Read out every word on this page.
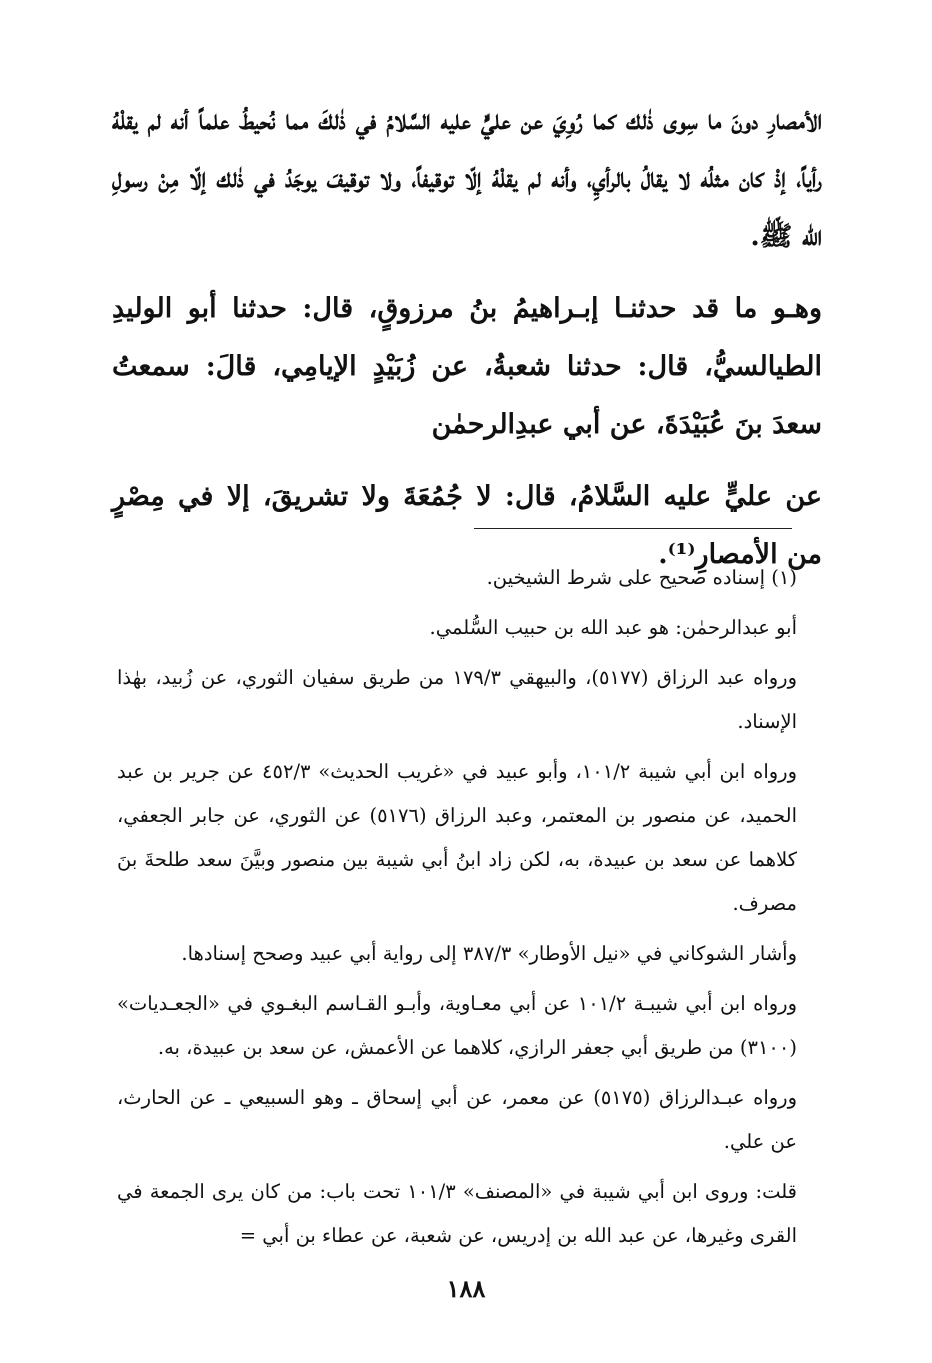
الأمصارِ دونَ ما سِوى ذٰلك كما رُوِيَ عن عليٍّ عليه السَّلامُ في ذٰلكَ مما نُحيطُ علماً أنه لم يقلْهُ رأياً، إذْ كان مثلُه لا يقالُ بالرأيِ، وأنه لم يقلْهُ إلّا توقيفاً، ولا توقيفَ يوجَدُ في ذٰلك إلّا مِنْ رسولِ الله ﷺ.

وهـو ما قد حدثنـا إبـراهيمُ بنُ مرزوقٍ، قال: حدثنا أبو الوليدِ الطيالسيُّ، قال: حدثنا شعبةُ، عن زُبَيْدٍ الإيامِي، قالَ: سمعتُ سعدَ بنَ عُبَيْدَةَ، عن أبي عبدِالرحمٰن

عن عليٍّ عليه السَّلامُ، قال: لا جُمُعَةَ ولا تشريقَ، إلا في مِصْرٍ من الأمصارِ⁽¹⁾.

(١) إسناده صحيح على شرط الشيخين.

أبو عبدالرحمٰن: هو عبد الله بن حبيب السُّلمي.

ورواه عبد الرزاق (٥١٧٧)، والبيهقي ١٧٩/٣ من طريق سفيان الثوري، عن زُبيد، بهٰذا الإسناد.

ورواه ابن أبي شيبة ١٠١/٢، وأبو عبيد في «غريب الحديث» ٤٥٢/٣ عن جرير بن عبد الحميد، عن منصور بن المعتمر، وعبد الرزاق (٥١٧٦) عن الثوري، عن جابر الجعفي، كلاهما عن سعد بن عبيدة، به، لكن زاد ابنُ أبي شيبة بين منصور وبيَّنَ سعد طلحةَ بنَ مصرف.

وأشار الشوكاني في «نيل الأوطار» ٣٨٧/٣ إلى رواية أبي عبيد وصحح إسنادها.

ورواه ابن أبي شيبـة ١٠١/٢ عن أبي معـاوية، وأبـو القـاسم البغـوي في «الجعـديات» (٣١٠٠) من طريق أبي جعفر الرازي، كلاهما عن الأعمش، عن سعد بن عبيدة، به.

ورواه عبـدالرزاق (٥١٧٥) عن معمر، عن أبي إسحاق ـ وهو السبيعي ـ عن الحارث، عن علي.

قلت: وروى ابن أبي شيبة في «المصنف» ١٠١/٣ تحت باب: من كان يرى الجمعة في القرى وغيرها، عن عبد الله بن إدريس، عن شعبة، عن عطاء بن أبي =

١٨٨
